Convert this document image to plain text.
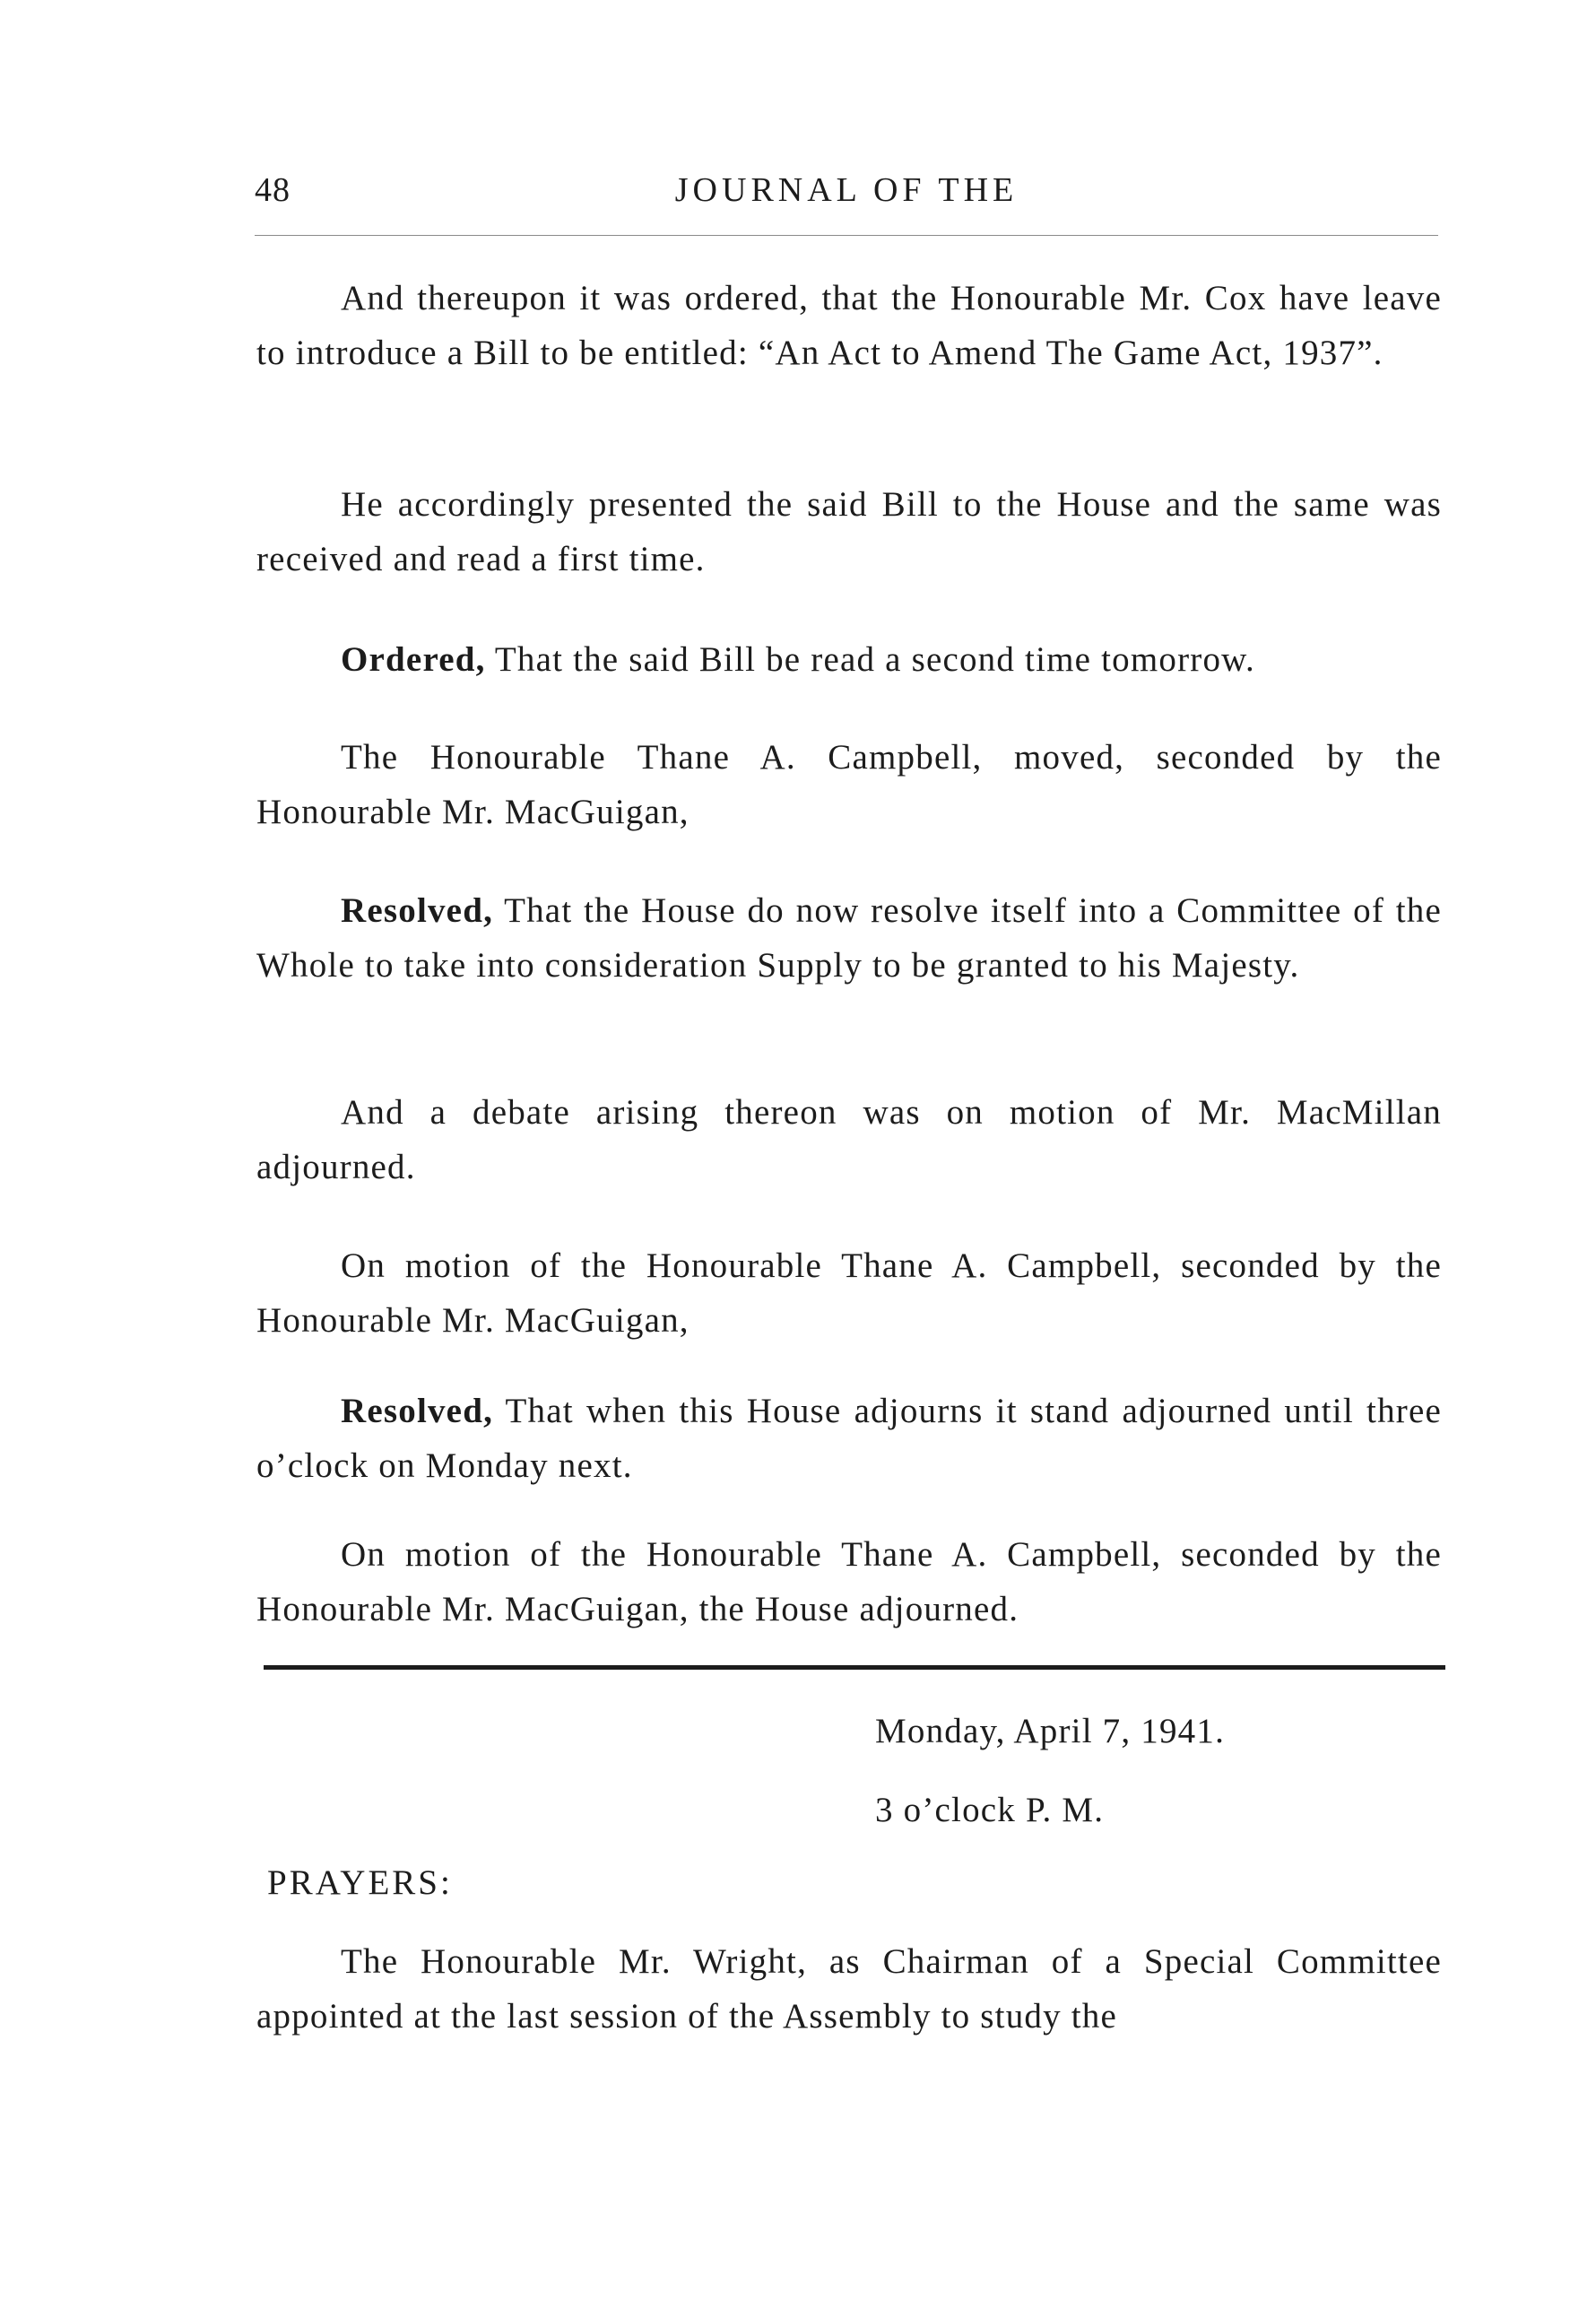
48	JOURNAL OF THE

And thereupon it was ordered, that the Honourable Mr. Cox have leave to introduce a Bill to be entitled: “An Act to Amend The Game Act, 1937”.

He accordingly presented the said Bill to the House and the same was received and read a first time.

Ordered, That the said Bill be read a second time tomorrow.

The Honourable Thane A. Campbell, moved, seconded by the Honourable Mr. MacGuigan,

Resolved, That the House do now resolve itself into a Committee of the Whole to take into consideration Supply to be granted to his Majesty.

And a debate arising thereon was on motion of Mr. MacMillan adjourned.

On motion of the Honourable Thane A. Campbell, seconded by the Honourable Mr. MacGuigan,

Resolved, That when this House adjourns it stand adjourned until three o’clock on Monday next.

On motion of the Honourable Thane A. Campbell, seconded by the Honourable Mr. MacGuigan, the House adjourned.

Monday, April 7, 1941.
3 o’clock P. M.
PRAYERS:

The Honourable Mr. Wright, as Chairman of a Special Committee appointed at the last session of the Assembly to study the
